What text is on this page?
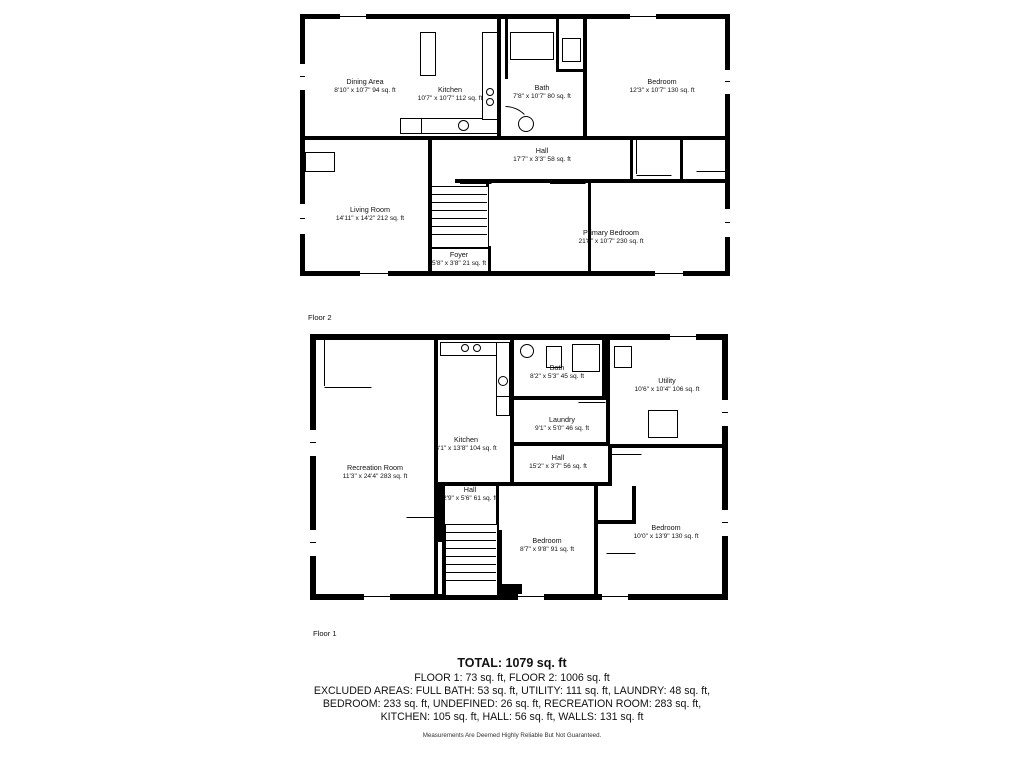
Dining Area
8'10" x 10'7" 94 sq. ft	Kitchen
10'7" x 10'7" 112 sq. ft
Bath
7'8" x 10'7" 80 sq. ft
Bedroom
12'3" x 10'7" 130 sq. ft
Hall
17'7" x 3'3" 58 sq. ft
Living Room
14'11" x 14'2" 212 sq. ft
Primary Bedroom
21'8" x 10'7" 230 sq. ft
Foyer
5'8" x 3'8" 21 sq. ft
Floor 2
Bath
8'2" x 5'3" 45 sq. ft	Utility
10'6" x 10'4" 106 sq. ft
Laundry
9'1" x 5'0" 46 sq. ft
Kitchen
8'1" x 13'8" 104 sq. ft
Hall
15'2" x 3'7" 56 sq. ft
Recreation Room
11'3" x 24'4" 283 sq. ft
Hall
2'9" x 5'6" 61 sq. ft
Bedroom
8'7" x 9'8" 91 sq. ft
Bedroom
10'0" x 13'9" 130 sq. ft
Floor 1
TOTAL: 1079 sq. ft
FLOOR 1: 73 sq. ft, FLOOR 2: 1006 sq. ft
EXCLUDED AREAS: FULL BATH: 53 sq. ft, UTILITY: 111 sq. ft, LAUNDRY: 48 sq. ft,
BEDROOM: 233 sq. ft, UNDEFINED: 26 sq. ft, RECREATION ROOM: 283 sq. ft,
KITCHEN: 105 sq. ft, HALL: 56 sq. ft, WALLS: 131 sq. ft
Measurements Are Deemed Highly Reliable But Not Guaranteed.
